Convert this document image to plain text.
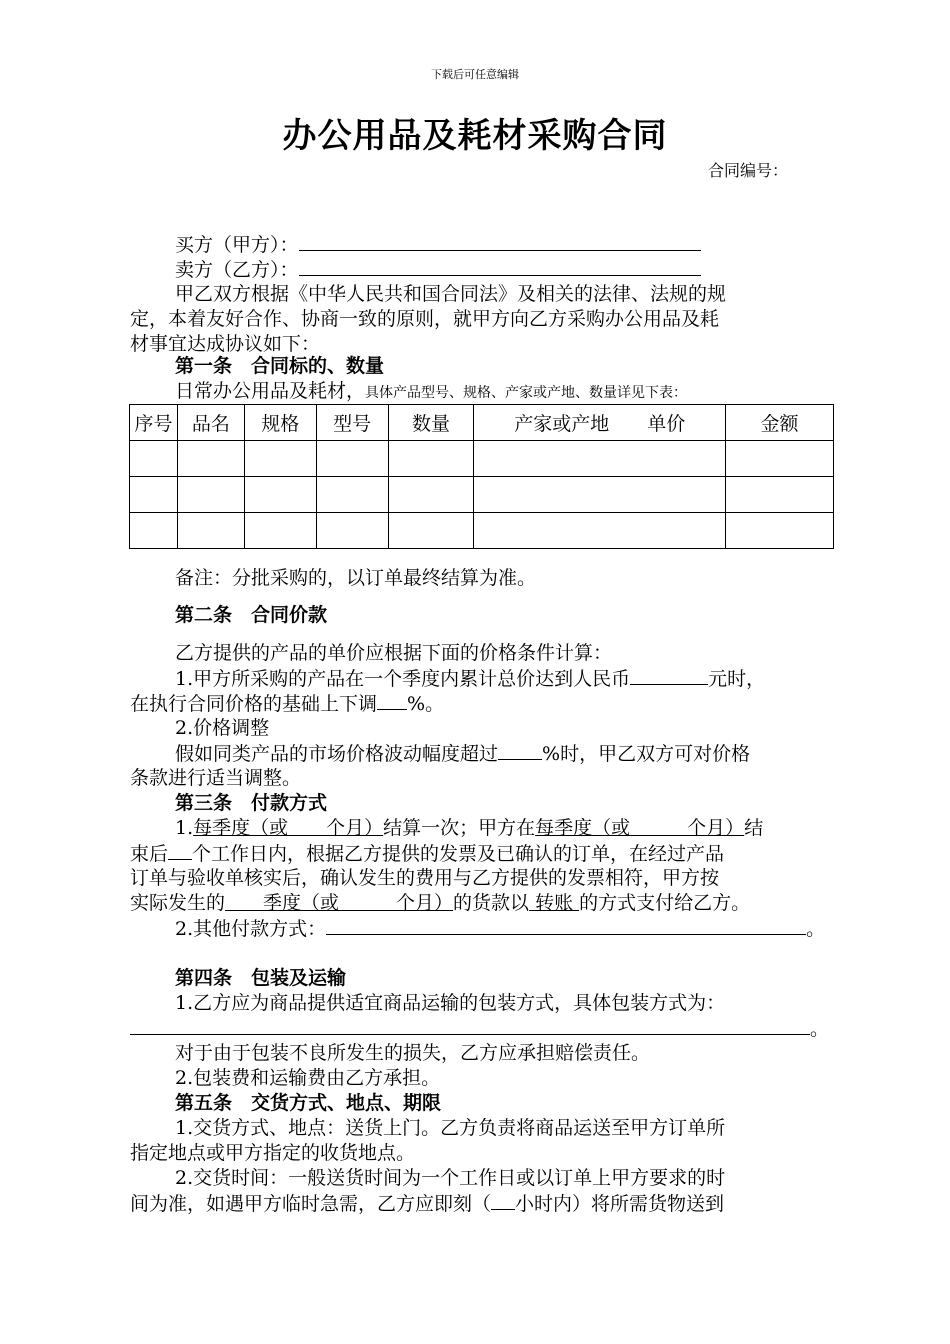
下载后可任意编辑
办公用品及耗材采购合同
合同编号：
买方（甲方）：
卖方（乙方）：
甲乙双方根据《中华人民共和国合同法》及相关的法律、法规的规
定，本着友好合作、协商一致的原则，就甲方向乙方采购办公用品及耗
材事宜达成协议如下：
第一条　合同标的、数量
日常办公用品及耗材，具体产品型号、规格、产家或产地、数量详见下表：
序号	品名	规格	型号	数量	产家或产地　　单价	金额

备注：分批采购的，以订单最终结算为准。
第二条　合同价款
乙方提供的产品的单价应根据下面的价格条件计算：
1.甲方所采购的产品在一个季度内累计总价达到人民币	元时，
在执行合同价格的基础上下调 %。
2.价格调整
假如同类产品的市场价格波动幅度超过 %时，甲乙双方可对价格
条款进行适当调整。
第三条　付款方式
1.每季度（或　　个月）结算一次；甲方在每季度（或　　　个月）结
束后 个工作日内，根据乙方提供的发票及已确认的订单，在经过产品
订单与验收单核实后，确认发生的费用与乙方提供的发票相符，甲方按
实际发生的　　季度（或　　　个月）的货款以 转账 的方式支付给乙方。
2.其他付款方式：	。
第四条　包装及运输
1.乙方应为商品提供适宜商品运输的包装方式，具体包装方式为：
。
对于由于包装不良所发生的损失，乙方应承担赔偿责任。
2.包装费和运输费由乙方承担。
第五条　交货方式、地点、期限
1.交货方式、地点：送货上门。乙方负责将商品运送至甲方订单所
指定地点或甲方指定的收货地点。
2.交货时间：一般送货时间为一个工作日或以订单上甲方要求的时
间为准，如遇甲方临时急需，乙方应即刻（ 小时内）将所需货物送到
